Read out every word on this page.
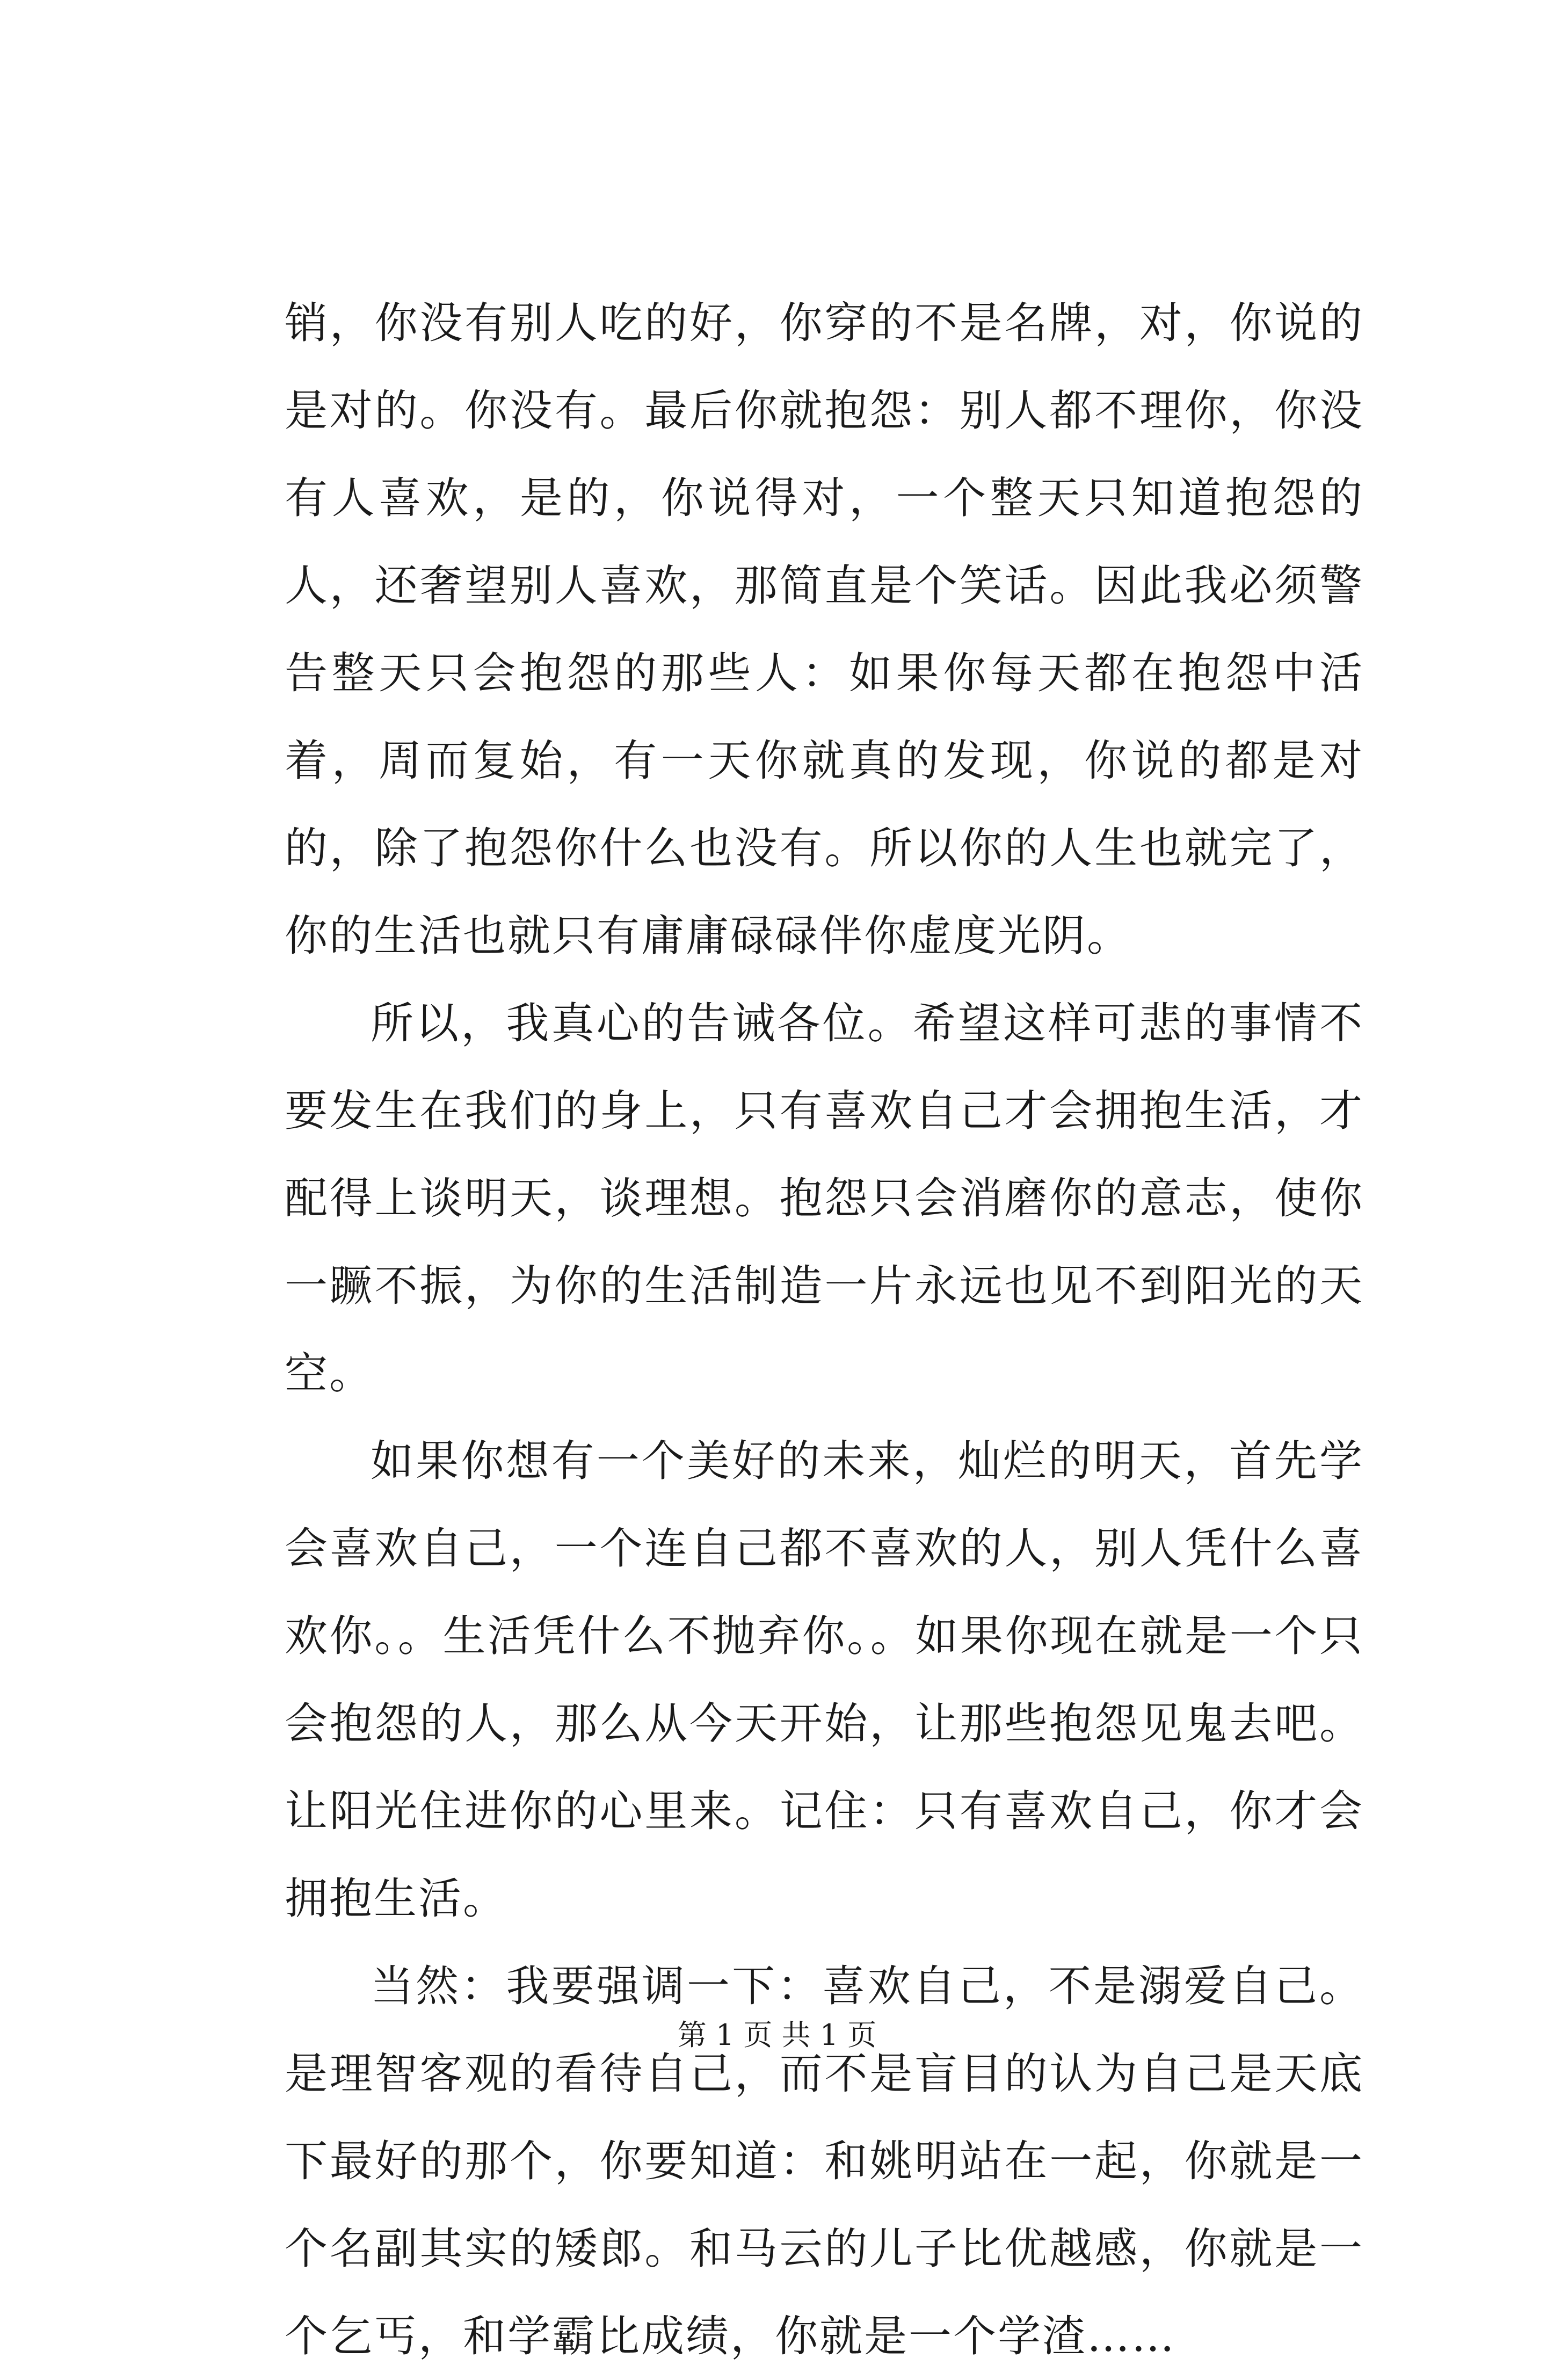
销，你没有别人吃的好，你穿的不是名牌，对，你说的是对的。你没有。最后你就抱怨：别人都不理你，你没有人喜欢，是的，你说得对，一个整天只知道抱怨的人，还奢望别人喜欢，那简直是个笑话。因此我必须警告整天只会抱怨的那些人：如果你每天都在抱怨中活着，周而复始，有一天你就真的发现，你说的都是对的，除了抱怨你什么也没有。所以你的人生也就完了，你的生活也就只有庸庸碌碌伴你虚度光阴。

所以，我真心的告诫各位。希望这样可悲的事情不要发生在我们的身上，只有喜欢自己才会拥抱生活，才配得上谈明天，谈理想。抱怨只会消磨你的意志，使你一蹶不振，为你的生活制造一片永远也见不到阳光的天空。

如果你想有一个美好的未来，灿烂的明天，首先学会喜欢自己，一个连自己都不喜欢的人，别人凭什么喜欢你。。生活凭什么不抛弃你。。如果你现在就是一个只会抱怨的人，那么从今天开始，让那些抱怨见鬼去吧。让阳光住进你的心里来。记住：只有喜欢自己，你才会拥抱生活。

当然：我要强调一下：喜欢自己，不是溺爱自己。是理智客观的看待自己，而不是盲目的认为自己是天底下最好的那个，你要知道：和姚明站在一起，你就是一个名副其实的矮郎。和马云的儿子比优越感，你就是一个乞丐，和学霸比成绩，你就是一个学渣……

第 1 页 共 1 页
